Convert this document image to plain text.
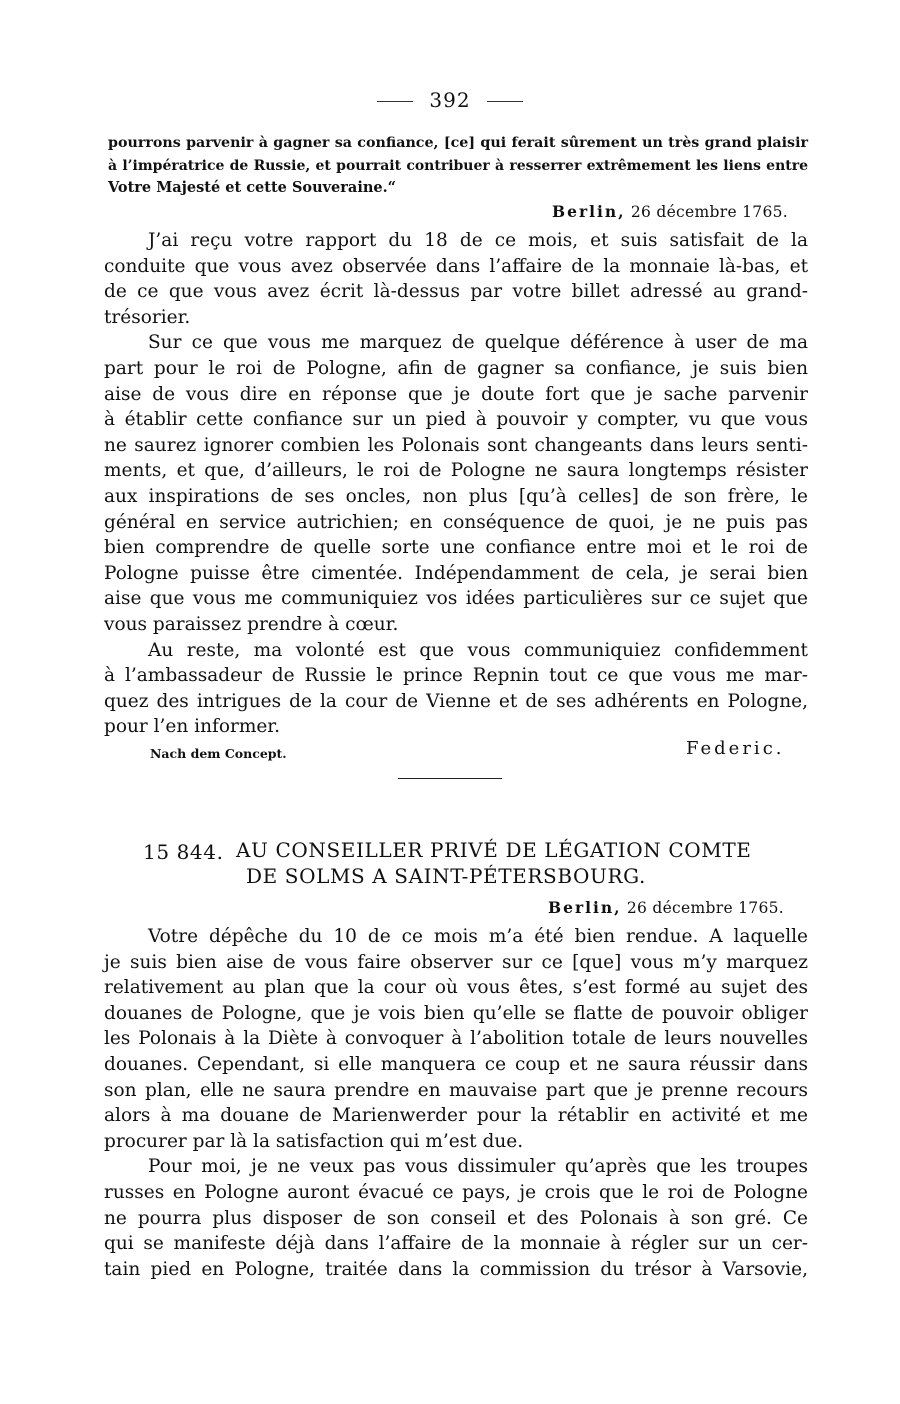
392
pourrons parvenir à gagner sa confiance, [ce] qui ferait sûrement un très grand plaisir
à l’impératrice de Russie, et pourrait contribuer à resserrer extrêmement les liens entre
Votre Majesté et cette Souveraine.“
Berlin, 26 décembre 1765.
J’ai reçu votre rapport du 18 de ce mois, et suis satisfait de la
conduite que vous avez observée dans l’affaire de la monnaie là-bas, et
de ce que vous avez écrit là-dessus par votre billet adressé au grand-
trésorier.
Sur ce que vous me marquez de quelque déférence à user de ma
part pour le roi de Pologne, afin de gagner sa confiance, je suis bien
aise de vous dire en réponse que je doute fort que je sache parvenir
à établir cette confiance sur un pied à pouvoir y compter, vu que vous
ne saurez ignorer combien les Polonais sont changeants dans leurs senti-
ments, et que, d’ailleurs, le roi de Pologne ne saura longtemps résister
aux inspirations de ses oncles, non plus [qu’à celles] de son frère, le
général en service autrichien; en conséquence de quoi, je ne puis pas
bien comprendre de quelle sorte une confiance entre moi et le roi de
Pologne puisse être cimentée. Indépendamment de cela, je serai bien
aise que vous me communiquiez vos idées particulières sur ce sujet que
vous paraissez prendre à cœur.
Au reste, ma volonté est que vous communiquiez confidemment
à l’ambassadeur de Russie le prince Repnin tout ce que vous me mar-
quez des intrigues de la cour de Vienne et de ses adhérents en Pologne,
pour l’en informer.
Nach dem Concept.	Federic.
15 844. AU CONSEILLER PRIVÉ DE LÉGATION COMTE
DE SOLMS A SAINT-PÉTERSBOURG.
Berlin, 26 décembre 1765.
Votre dépêche du 10 de ce mois m’a été bien rendue. A laquelle
je suis bien aise de vous faire observer sur ce [que] vous m’y marquez
relativement au plan que la cour où vous êtes, s’est formé au sujet des
douanes de Pologne, que je vois bien qu’elle se flatte de pouvoir obliger
les Polonais à la Diète à convoquer à l’abolition totale de leurs nouvelles
douanes. Cependant, si elle manquera ce coup et ne saura réussir dans
son plan, elle ne saura prendre en mauvaise part que je prenne recours
alors à ma douane de Marienwerder pour la rétablir en activité et me
procurer par là la satisfaction qui m’est due.
Pour moi, je ne veux pas vous dissimuler qu’après que les troupes
russes en Pologne auront évacué ce pays, je crois que le roi de Pologne
ne pourra plus disposer de son conseil et des Polonais à son gré. Ce
qui se manifeste déjà dans l’affaire de la monnaie à régler sur un cer-
tain pied en Pologne, traitée dans la commission du trésor à Varsovie,
